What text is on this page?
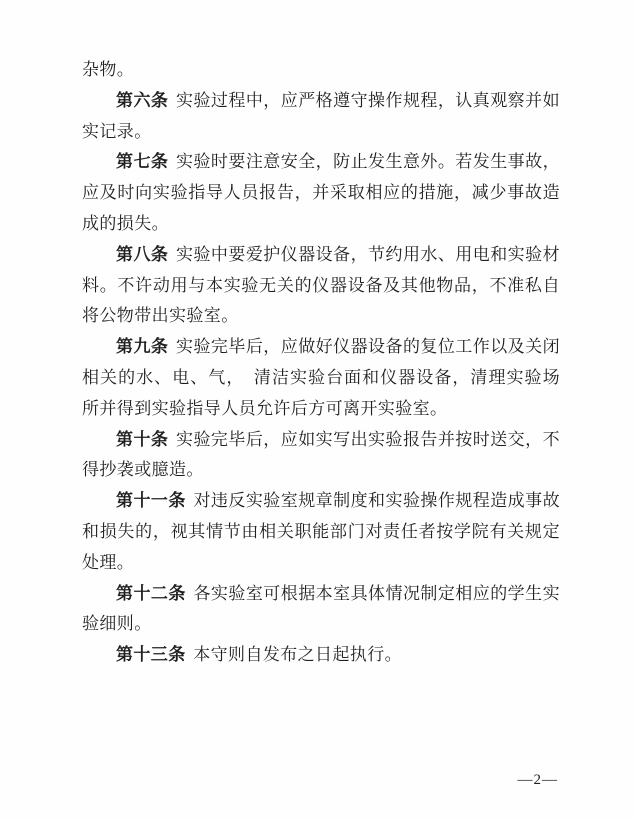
杂物。

第六条 实验过程中，应严格遵守操作规程，认真观察并如实记录。

第七条 实验时要注意安全，防止发生意外。若发生事故，应及时向实验指导人员报告，并采取相应的措施，减少事故造成的损失。

第八条 实验中要爱护仪器设备，节约用水、用电和实验材料。不许动用与本实验无关的仪器设备及其他物品，不准私自将公物带出实验室。

第九条 实验完毕后，应做好仪器设备的复位工作以及关闭相关的水、电、气，　清洁实验台面和仪器设备，清理实验场所并得到实验指导人员允许后方可离开实验室。

第十条 实验完毕后，应如实写出实验报告并按时送交，不得抄袭或臆造。

第十一条 对违反实验室规章制度和实验操作规程造成事故和损失的，视其情节由相关职能部门对责任者按学院有关规定处理。

第十二条 各实验室可根据本室具体情况制定相应的学生实验细则。

第十三条 本守则自发布之日起执行。

—2—
